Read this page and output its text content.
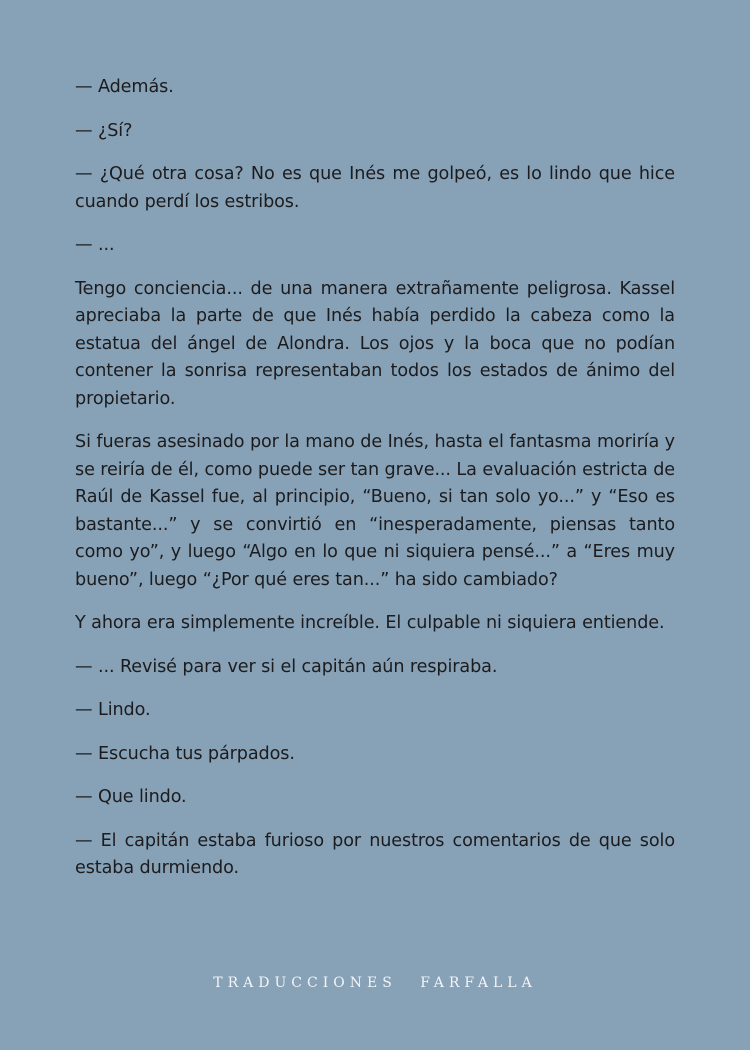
— Además.

— ¿Sí?

— ¿Qué otra cosa? No es que Inés me golpeó, es lo lindo que hice cuando perdí los estribos.

— ...

Tengo conciencia... de una manera extrañamente peligrosa. Kassel apreciaba la parte de que Inés había perdido la cabeza como la estatua del ángel de Alondra. Los ojos y la boca que no podían contener la sonrisa representaban todos los estados de ánimo del propietario.

Si fueras asesinado por la mano de Inés, hasta el fantasma moriría y se reiría de él, como puede ser tan grave... La evaluación estricta de Raúl de Kassel fue, al principio, “Bueno, si tan solo yo...” y “Eso es bastante...” y se convirtió en “inesperadamente, piensas tanto como yo”, y luego “Algo en lo que ni siquiera pensé...” a “Eres muy bueno”, luego “¿Por qué eres tan...” ha sido cambiado?

Y ahora era simplemente increíble. El culpable ni siquiera entiende.

— ... Revisé para ver si el capitán aún respiraba.

— Lindo.

— Escucha tus párpados.

— Que lindo.

— El capitán estaba furioso por nuestros comentarios de que solo estaba durmiendo.

TRADUCCIONES FARFALLA
